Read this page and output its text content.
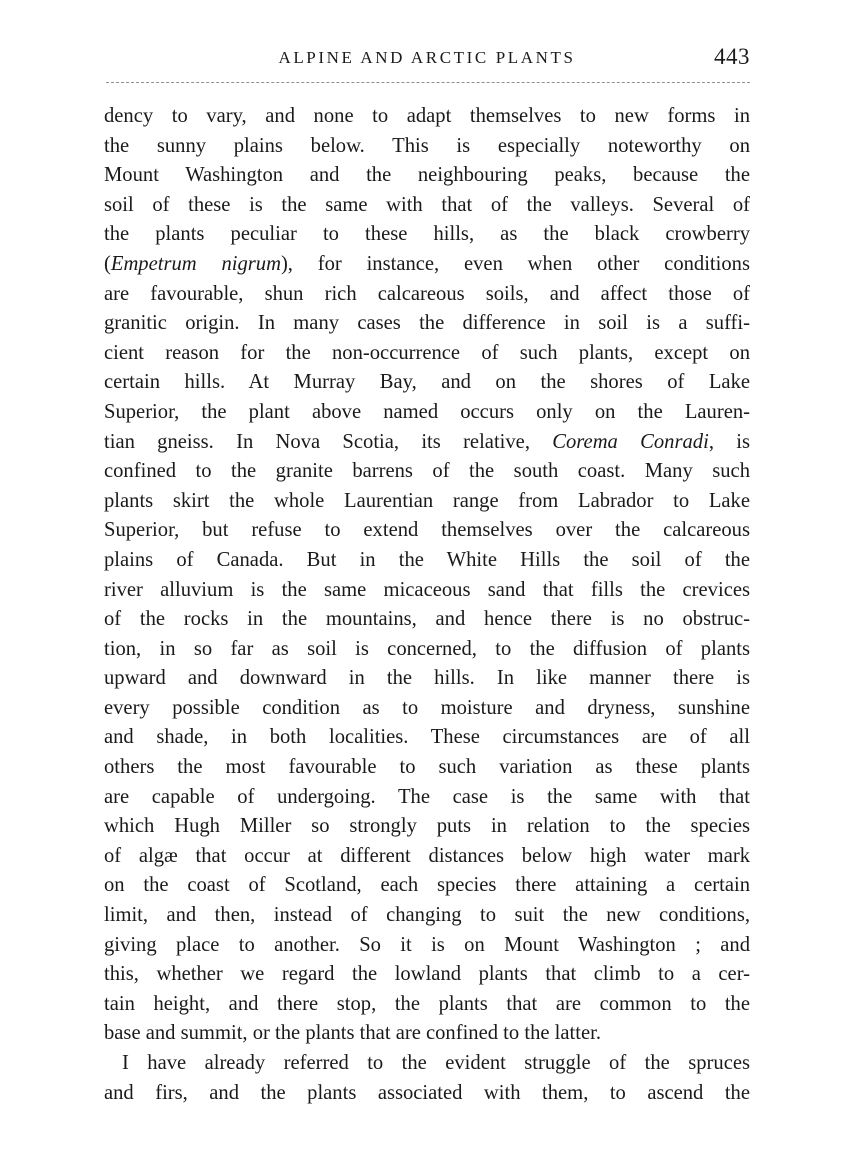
ALPINE AND ARCTIC PLANTS	443
dency to vary, and none to adapt themselves to new forms in
the sunny plains below. This is especially noteworthy on
Mount Washington and the neighbouring peaks, because the
soil of these is the same with that of the valleys. Several of
the plants peculiar to these hills, as the black crowberry
(Empetrum nigrum), for instance, even when other conditions
are favourable, shun rich calcareous soils, and affect those of
granitic origin. In many cases the difference in soil is a suffi-
cient reason for the non-occurrence of such plants, except on
certain hills. At Murray Bay, and on the shores of Lake
Superior, the plant above named occurs only on the Lauren-
tian gneiss. In Nova Scotia, its relative, Corema Conradi, is
confined to the granite barrens of the south coast. Many such
plants skirt the whole Laurentian range from Labrador to Lake
Superior, but refuse to extend themselves over the calcareous
plains of Canada. But in the White Hills the soil of the
river alluvium is the same micaceous sand that fills the crevices
of the rocks in the mountains, and hence there is no obstruc-
tion, in so far as soil is concerned, to the diffusion of plants
upward and downward in the hills. In like manner there is
every possible condition as to moisture and dryness, sunshine
and shade, in both localities. These circumstances are of all
others the most favourable to such variation as these plants
are capable of undergoing. The case is the same with that
which Hugh Miller so strongly puts in relation to the species
of algæ that occur at different distances below high water mark
on the coast of Scotland, each species there attaining a certain
limit, and then, instead of changing to suit the new conditions,
giving place to another. So it is on Mount Washington ; and
this, whether we regard the lowland plants that climb to a cer-
tain height, and there stop, the plants that are common to the
base and summit, or the plants that are confined to the latter.
I have already referred to the evident struggle of the spruces
and firs, and the plants associated with them, to ascend the
